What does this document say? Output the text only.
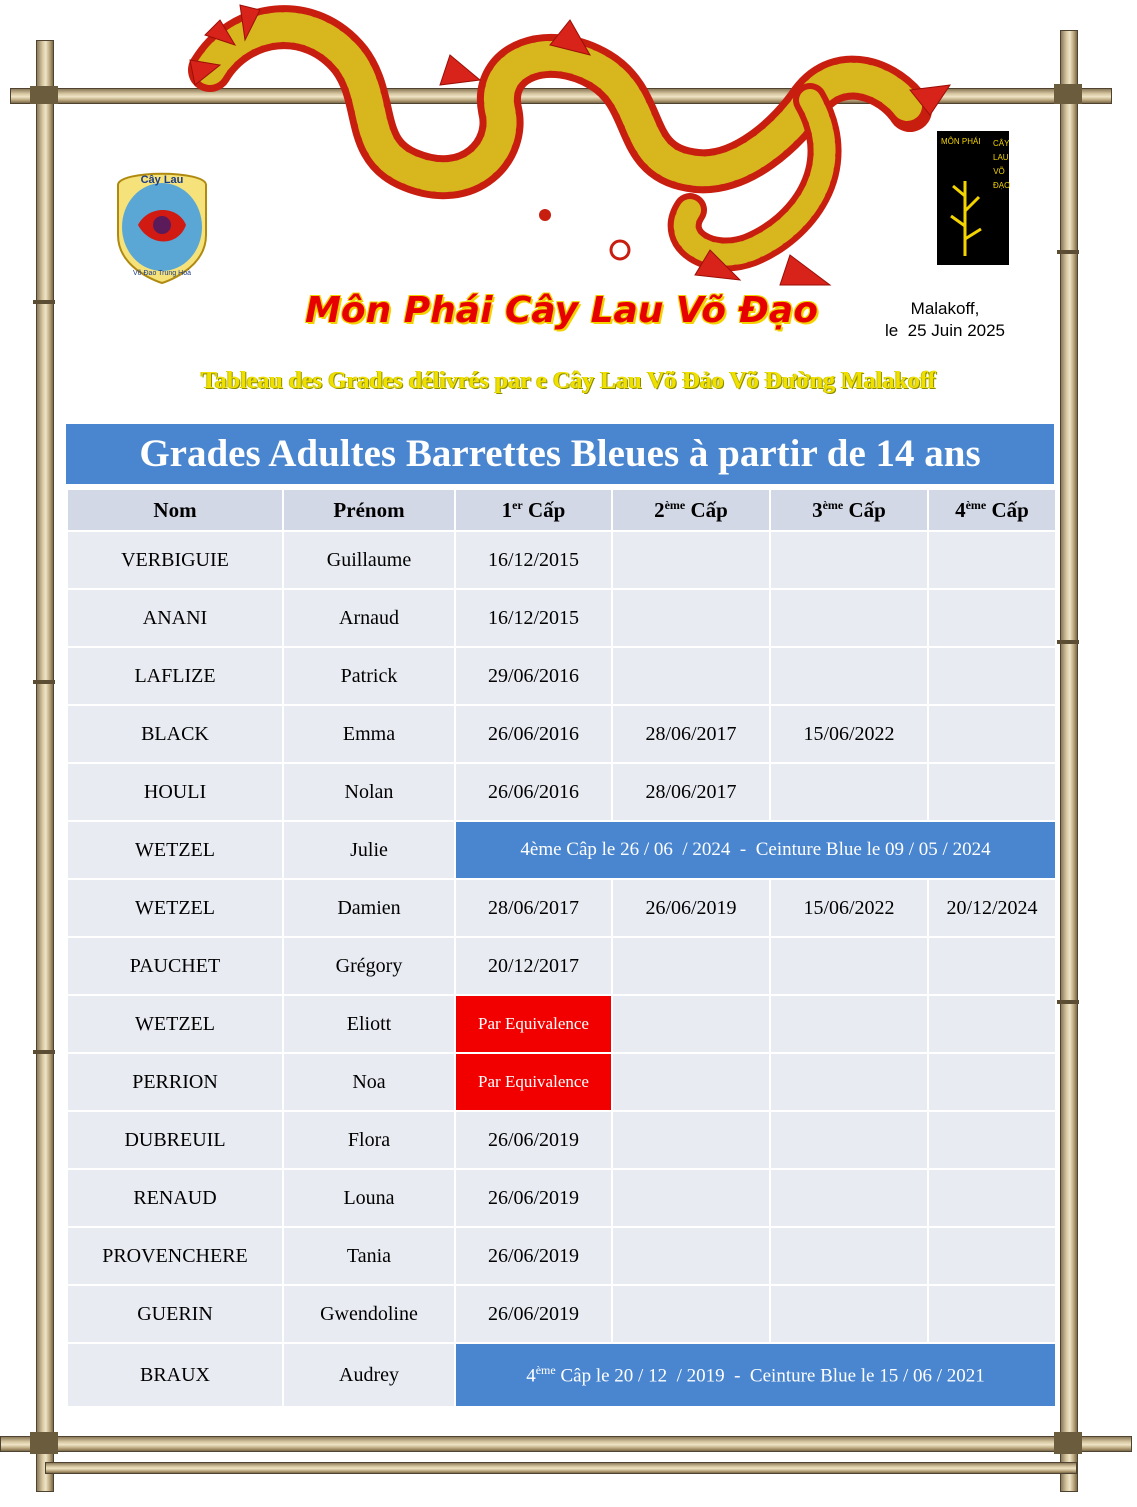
Cây Lau
Võ Đao Trung Hoà
MÔN PHÁI CÂY
LAU
VÕ
ĐẠO
Môn Phái Cây Lau Võ Đạo	Malakoff,
le  25 Juin 2025
Tableau des Grades délivrés par e Cây Lau Võ Đảo Võ Đường Malakoff
Grades Adultes Barrettes Bleues à partir de 14 ans
Nom	Prénom	1er Cấp	2ème Cấp	3ème Cấp	4ème Cấp
VERBIGUIE	Guillaume	16/12/2015			
ANANI	Arnaud	16/12/2015			
LAFLIZE	Patrick	29/06/2016			
BLACK	Emma	26/06/2016	28/06/2017	15/06/2022	
HOULI	Nolan	26/06/2016	28/06/2017		
WETZEL	Julie	4ème Câp le 26 / 06  / 2024  -  Ceinture Blue le 09 / 05 / 2024			
WETZEL	Damien	28/06/2017	26/06/2019	15/06/2022	20/12/2024
PAUCHET	Grégory	20/12/2017			
WETZEL	Eliott	Par Equivalence			
PERRION	Noa	Par Equivalence			
DUBREUIL	Flora	26/06/2019			
RENAUD	Louna	26/06/2019			
PROVENCHERE	Tania	26/06/2019			
GUERIN	Gwendoline	26/06/2019			
BRAUX	Audrey	4ème Câp le 20 / 12  / 2019  -  Ceinture Blue le 15 / 06 / 2021			
